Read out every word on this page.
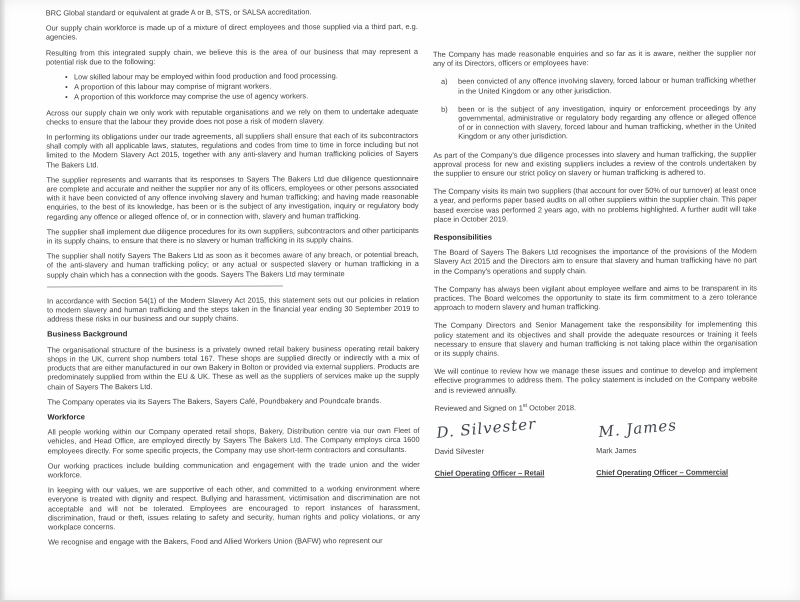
BRC Global standard or equivalent at grade A or B, STS, or SALSA accreditation.

Our supply chain workforce is made up of a mixture of direct employees and those supplied via a third part, e.g. agencies.

Resulting from this integrated supply chain, we believe this is the area of our business that may represent a potential risk due to the following:

• Low skilled labour may be employed within food production and food processing.
• A proportion of this labour may comprise of migrant workers.
• A proportion of this workforce may comprise the use of agency workers.

Across our supply chain we only work with reputable organisations and we rely on them to undertake adequate checks to ensure that the labour they provide does not pose a risk of modern slavery.

In performing its obligations under our trade agreements, all suppliers shall ensure that each of its subcontractors shall comply with all applicable laws, statutes, regulations and codes from time to time in force including but not limited to the Modern Slavery Act 2015, together with any anti-slavery and human trafficking policies of Sayers The Bakers Ltd.

The supplier represents and warrants that its responses to Sayers The Bakers Ltd due diligence questionnaire are complete and accurate and neither the supplier nor any of its officers, employees or other persons associated with it have been convicted of any offence involving slavery and human trafficking; and having made reasonable enquiries, to the best of its knowledge, has been or is the subject of any investigation, inquiry or regulatory body regarding any offence or alleged offence of, or in connection with, slavery and human trafficking.

The supplier shall implement due diligence procedures for its own suppliers, subcontractors and other participants in its supply chains, to ensure that there is no slavery or human trafficking in its supply chains.

The supplier shall notify Sayers The Bakers Ltd as soon as it becomes aware of any breach, or potential breach, of the anti-slavery and human trafficking policy; or any actual or suspected slavery or human trafficking in a supply chain which has a connection with the goods. Sayers The Bakers Ltd may terminate

In accordance with Section 54(1) of the Modern Slavery Act 2015, this statement sets out our policies in relation to modern slavery and human trafficking and the steps taken in the financial year ending 30 September 2019 to address these risks in our business and our supply chains.

Business Background

The organisational structure of the business is a privately owned retail bakery business operating retail bakery shops in the UK, current shop numbers total 167. These shops are supplied directly or indirectly with a mix of products that are either manufactured in our own Bakery in Bolton or provided via external suppliers. Products are predominately supplied from within the EU & UK. These as well as the suppliers of services make up the supply chain of Sayers The Bakers Ltd.

The Company operates via its Sayers The Bakers, Sayers Café, Poundbakery and Poundcafe brands.

Workforce

All people working within our Company operated retail shops, Bakery, Distribution centre via our own Fleet of vehicles, and Head Office, are employed directly by Sayers The Bakers Ltd. The Company employs circa 1600 employees directly. For some specific projects, the Company may use short-term contractors and consultants.

Our working practices include building communication and engagement with the trade union and the wider workforce.

In keeping with our values, we are supportive of each other, and committed to a working environment where everyone is treated with dignity and respect. Bullying and harassment, victimisation and discrimination are not acceptable and will not be tolerated. Employees are encouraged to report instances of harassment, discrimination, fraud or theft, issues relating to safety and security, human rights and policy violations, or any workplace concerns.

We recognise and engage with the Bakers, Food and Allied Workers Union (BAFW) who represent our

The Company has made reasonable enquiries and so far as it is aware, neither the supplier nor any of its Directors, officers or employees have:

a)	been convicted of any offence involving slavery, forced labour or human trafficking whether in the United Kingdom or any other jurisdiction.
b)	been or is the subject of any investigation, inquiry or enforcement proceedings by any governmental, administrative or regulatory body regarding any offence or alleged offence of or in connection with slavery, forced labour and human trafficking, whether in the United Kingdom or any other jurisdiction.

As part of the Company's due diligence processes into slavery and human trafficking, the supplier approval process for new and existing suppliers includes a review of the controls undertaken by the supplier to ensure our strict policy on slavery or human trafficking is adhered to.

The Company visits its main two suppliers (that account for over 50% of our turnover) at least once a year, and performs paper based audits on all other suppliers within the supplier chain. This paper based exercise was performed 2 years ago, with no problems highlighted. A further audit will take place in October 2019.

Responsibilities

The Board of Sayers The Bakers Ltd recognises the importance of the provisions of the Modern Slavery Act 2015 and the Directors aim to ensure that slavery and human trafficking have no part in the Company's operations and supply chain.

The Company has always been vigilant about employee welfare and aims to be transparent in its practices. The Board welcomes the opportunity to state its firm commitment to a zero tolerance approach to modern slavery and human trafficking.

The Company Directors and Senior Management take the responsibility for implementing this policy statement and its objectives and shall provide the adequate resources or training it feels necessary to ensure that slavery and human trafficking is not taking place within the organisation or its supply chains.

We will continue to review how we manage these issues and continue to develop and implement effective programmes to address them. The policy statement is included on the Company website and is reviewed annually.

Reviewed and Signed on 1st October 2018.

D. Silvester
David Silvester
Chief Operating Officer – Retail
M. James
Mark James
Chief Operating Officer – Commercial
